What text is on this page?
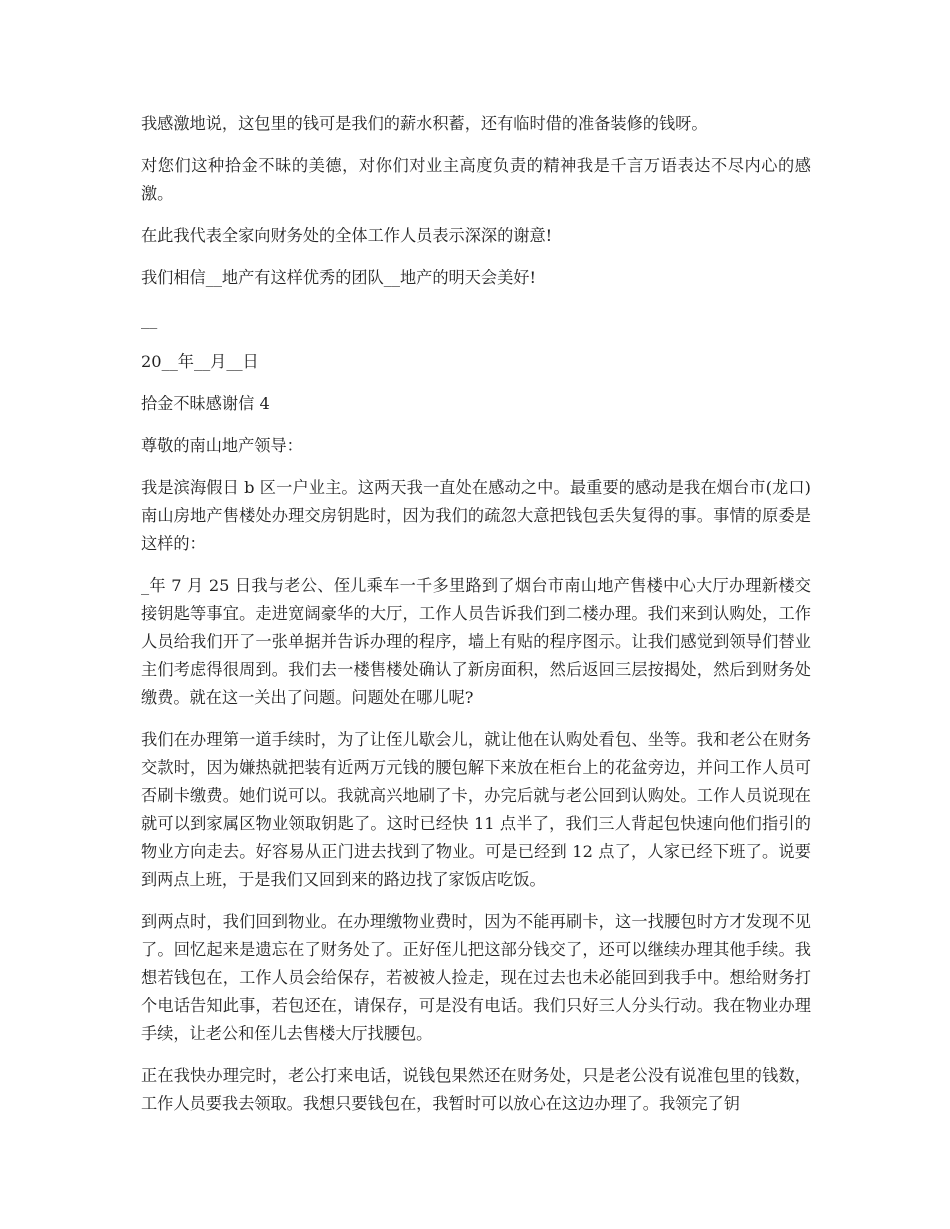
我感激地说，这包里的钱可是我们的薪水积蓄，还有临时借的准备装修的钱呀。

对您们这种拾金不昧的美德，对你们对业主高度负责的精神我是千言万语表达不尽内心的感激。

在此我代表全家向财务处的全体工作人员表示深深的谢意!

我们相信__地产有这样优秀的团队__地产的明天会美好!

__

20__年__月__日

拾金不昧感谢信 4

尊敬的南山地产领导：

我是滨海假日 b 区一户业主。这两天我一直处在感动之中。最重要的感动是我在烟台市(龙口)南山房地产售楼处办理交房钥匙时，因为我们的疏忽大意把钱包丢失复得的事。事情的原委是这样的：

_年 7 月 25 日我与老公、侄儿乘车一千多里路到了烟台市南山地产售楼中心大厅办理新楼交接钥匙等事宜。走进宽阔豪华的大厅，工作人员告诉我们到二楼办理。我们来到认购处，工作人员给我们开了一张单据并告诉办理的程序，墙上有贴的程序图示。让我们感觉到领导们替业主们考虑得很周到。我们去一楼售楼处确认了新房面积，然后返回三层按揭处，然后到财务处缴费。就在这一关出了问题。问题处在哪儿呢?

我们在办理第一道手续时，为了让侄儿歇会儿，就让他在认购处看包、坐等。我和老公在财务交款时，因为嫌热就把装有近两万元钱的腰包解下来放在柜台上的花盆旁边，并问工作人员可否刷卡缴费。她们说可以。我就高兴地刷了卡，办完后就与老公回到认购处。工作人员说现在就可以到家属区物业领取钥匙了。这时已经快 11 点半了，我们三人背起包快速向他们指引的物业方向走去。好容易从正门进去找到了物业。可是已经到 12 点了，人家已经下班了。说要到两点上班，于是我们又回到来的路边找了家饭店吃饭。

到两点时，我们回到物业。在办理缴物业费时，因为不能再刷卡，这一找腰包时方才发现不见了。回忆起来是遗忘在了财务处了。正好侄儿把这部分钱交了，还可以继续办理其他手续。我想若钱包在，工作人员会给保存，若被被人捡走，现在过去也未必能回到我手中。想给财务打个电话告知此事，若包还在，请保存，可是没有电话。我们只好三人分头行动。我在物业办理手续，让老公和侄儿去售楼大厅找腰包。

正在我快办理完时，老公打来电话，说钱包果然还在财务处，只是老公没有说准包里的钱数，工作人员要我去领取。我想只要钱包在，我暂时可以放心在这边办理了。我领完了钥
